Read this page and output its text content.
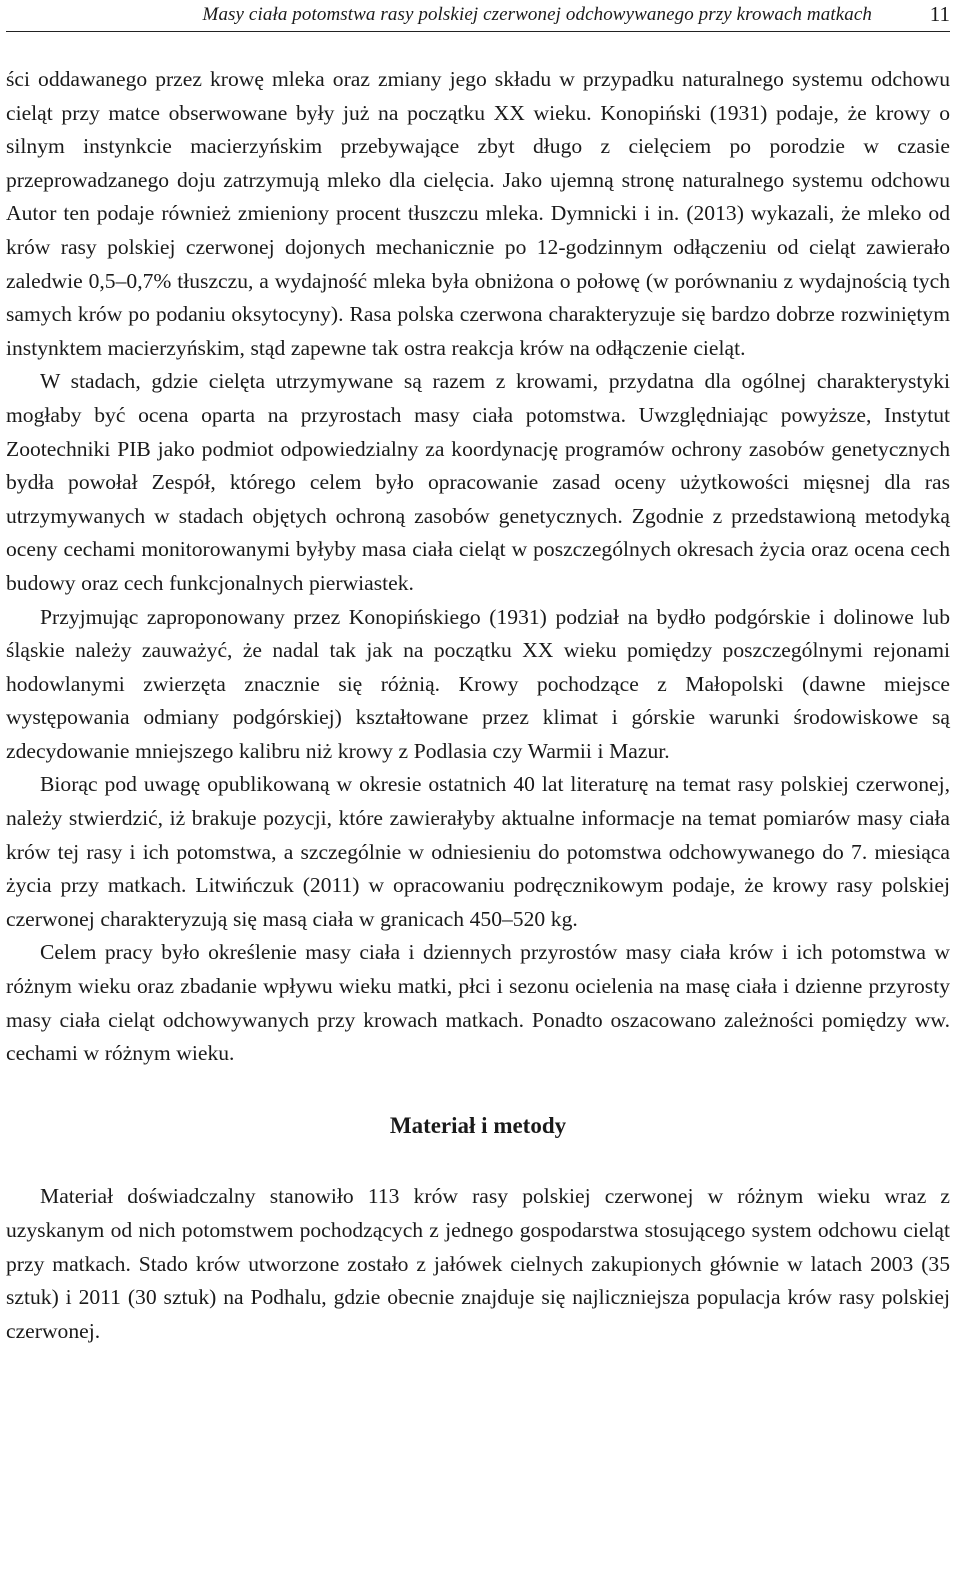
Masy ciała potomstwa rasy polskiej czerwonej odchowywanego przy krowach matkach	11

ści oddawanego przez krowę mleka oraz zmiany jego składu w przypadku naturalnego systemu odchowu cieląt przy matce obserwowane były już na początku XX wieku. Konopiński (1931) podaje, że krowy o silnym instynkcie macierzyńskim przebywające zbyt długo z cielęciem po porodzie w czasie przeprowadzanego doju zatrzymują mleko dla cielęcia. Jako ujemną stronę naturalnego systemu odchowu Autor ten podaje również zmieniony procent tłuszczu mleka. Dymnicki i in. (2013) wykazali, że mleko od krów rasy polskiej czerwonej dojonych mechanicznie po 12-godzinnym odłączeniu od cieląt zawierało zaledwie 0,5–0,7% tłuszczu, a wydajność mleka była obniżona o połowę (w porównaniu z wydajnością tych samych krów po podaniu oksytocyny). Rasa polska czerwona charakteryzuje się bardzo dobrze rozwiniętym instynktem macierzyńskim, stąd zapewne tak ostra reakcja krów na odłączenie cieląt.

W stadach, gdzie cielęta utrzymywane są razem z krowami, przydatna dla ogólnej charakterystyki mogłaby być ocena oparta na przyrostach masy ciała potomstwa. Uwzględniając powyższe, Instytut Zootechniki PIB jako podmiot odpowiedzialny za koordynację programów ochrony zasobów genetycznych bydła powołał Zespół, którego celem było opracowanie zasad oceny użytkowości mięsnej dla ras utrzymywanych w stadach objętych ochroną zasobów genetycznych. Zgodnie z przedstawioną metodyką oceny cechami monitorowanymi byłyby masa ciała cieląt w poszczególnych okresach życia oraz ocena cech budowy oraz cech funkcjonalnych pierwiastek.

Przyjmując zaproponowany przez Konopińskiego (1931) podział na bydło podgórskie i dolinowe lub śląskie należy zauważyć, że nadal tak jak na początku XX wieku pomiędzy poszczególnymi rejonami hodowlanymi zwierzęta znacznie się różnią. Krowy pochodzące z Małopolski (dawne miejsce występowania odmiany podgórskiej) kształtowane przez klimat i górskie warunki środowiskowe są zdecydowanie mniejszego kalibru niż krowy z Podlasia czy Warmii i Mazur.

Biorąc pod uwagę opublikowaną w okresie ostatnich 40 lat literaturę na temat rasy polskiej czerwonej, należy stwierdzić, iż brakuje pozycji, które zawierałyby aktualne informacje na temat pomiarów masy ciała krów tej rasy i ich potomstwa, a szczególnie w odniesieniu do potomstwa odchowywanego do 7. miesiąca życia przy matkach. Litwińczuk (2011) w opracowaniu podręcznikowym podaje, że krowy rasy polskiej czerwonej charakteryzują się masą ciała w granicach 450–520 kg.

Celem pracy było określenie masy ciała i dziennych przyrostów masy ciała krów i ich potomstwa w różnym wieku oraz zbadanie wpływu wieku matki, płci i sezonu ocielenia na masę ciała i dzienne przyrosty masy ciała cieląt odchowywanych przy krowach matkach. Ponadto oszacowano zależności pomiędzy ww. cechami w różnym wieku.

Materiał i metody

Materiał doświadczalny stanowiło 113 krów rasy polskiej czerwonej w różnym wieku wraz z uzyskanym od nich potomstwem pochodzących z jednego gospodarstwa stosującego system odchowu cieląt przy matkach. Stado krów utworzone zostało z jałówek cielnych zakupionych głównie w latach 2003 (35 sztuk) i 2011 (30 sztuk) na Podhalu, gdzie obecnie znajduje się najliczniejsza populacja krów rasy polskiej czerwonej.
